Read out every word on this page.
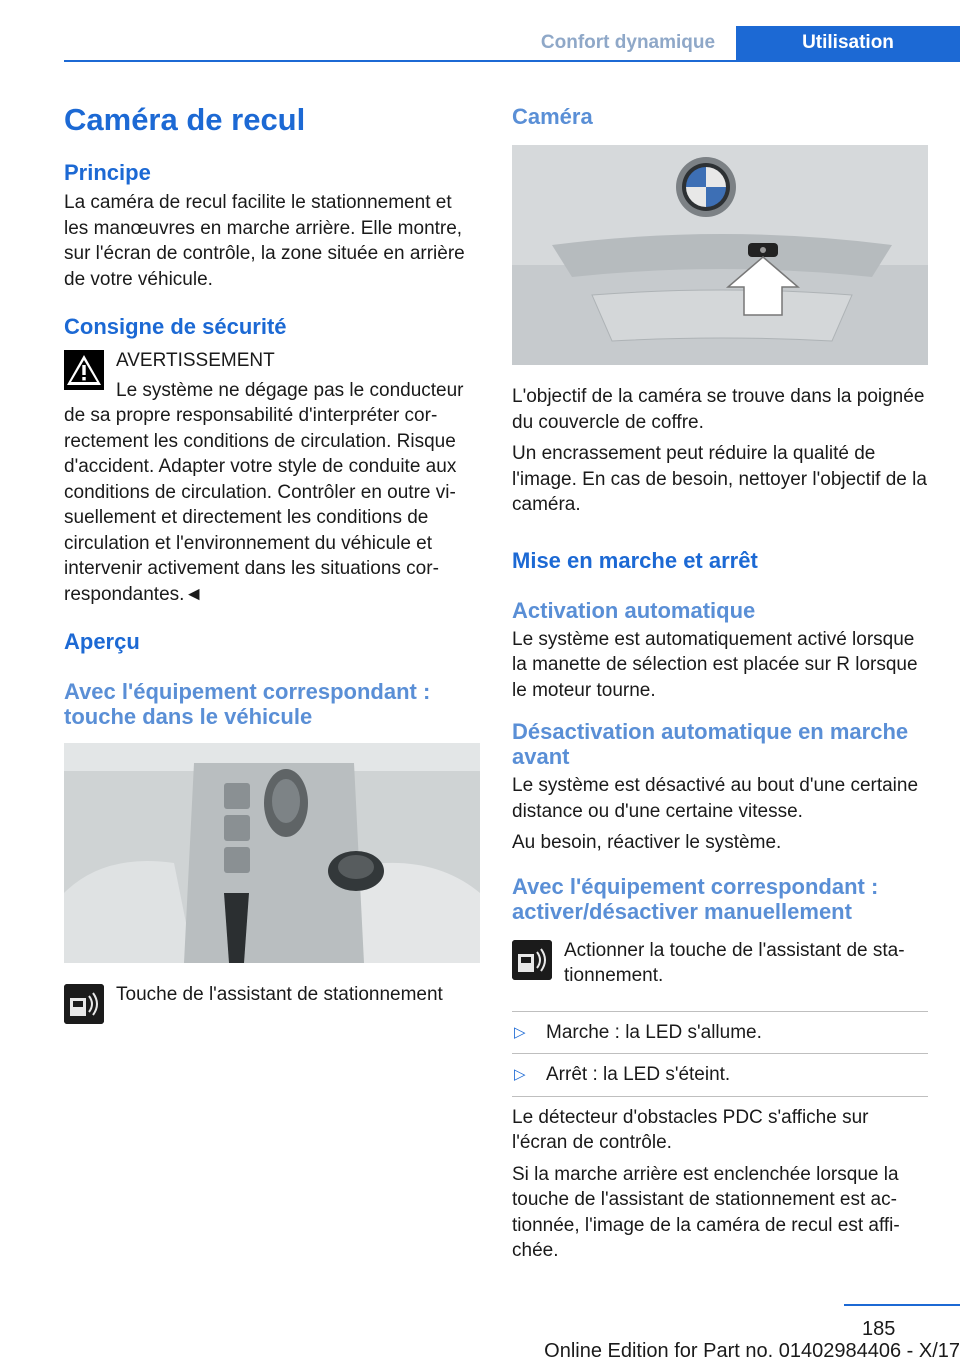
Confort dynamique	Utilisation
Caméra de recul
Principe

La caméra de recul facilite le stationnement et les manœuvres en marche arrière. Elle montre, sur l'écran de contrôle, la zone située en arrière de votre véhicule.

Consigne de sécurité
AVERTISSEMENT
Le système ne dégage pas le conducteur

de sa propre responsabilité d'interpréter correctement les conditions de circulation. Risque d'accident. Adapter votre style de conduite aux conditions de circulation. Contrôler en outre visuellement et directement les conditions de circulation et l'environnement du véhicule et intervenir activement dans les situations correspondantes.◄

Aperçu
Avec l'équipement correspondant : touche dans le véhicule
Touche de l'assistant de stationnement
Caméra

L'objectif de la caméra se trouve dans la poignée du couvercle de coffre.

Un encrassement peut réduire la qualité de l'image. En cas de besoin, nettoyer l'objectif de la caméra.

Mise en marche et arrêt
Activation automatique

Le système est automatiquement activé lorsque la manette de sélection est placée sur R lorsque le moteur tourne.

Désactivation automatique en marche avant

Le système est désactivé au bout d'une certaine distance ou d'une certaine vitesse.

Au besoin, réactiver le système.

Avec l'équipement correspondant : activer/désactiver manuellement
Actionner la touche de l'assistant de stationnement.
▷ Marche : la LED s'allume.
▷ Arrêt : la LED s'éteint.

Le détecteur d'obstacles PDC s'affiche sur l'écran de contrôle.

Si la marche arrière est enclenchée lorsque la touche de l'assistant de stationnement est actionnée, l'image de la caméra de recul est affichée.

185
Online Edition for Part no. 01402984406 - X/17
